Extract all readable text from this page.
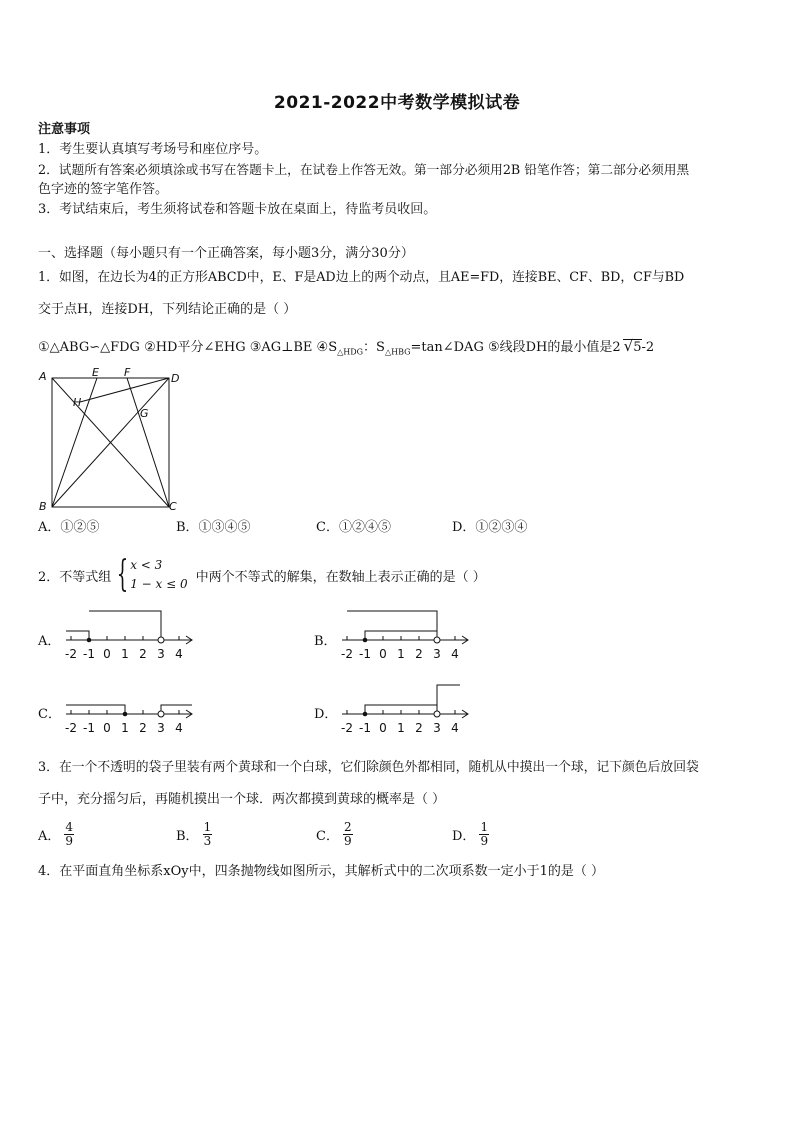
2021-2022中考数学模拟试卷
注意事项
1．考生要认真填写考场号和座位序号。
2．试题所有答案必须填涂或书写在答题卡上，在试卷上作答无效。第一部分必须用2B 铅笔作答；第二部分必须用黑
色字迹的签字笔作答。
3．考试结束后，考生须将试卷和答题卡放在桌面上，待监考员收回。
一、选择题（每小题只有一个正确答案，每小题3分，满分30分）
1．如图，在边长为4的正方形ABCD中，E、F是AD边上的两个动点，且AE=FD，连接BE、CF、BD，CF与BD
交于点H，连接DH，下列结论正确的是（ ）
①△ABG∽△FDG ②HD平分∠EHG ③AG⊥BE $④S_{\triangle HDG}$：$S_{\triangle HBG}=\tan\angle DAG$ ⑤线段DH的最小值是2 √5-2
A	E F	D
H
G
B	C
A．①②⑤	B．①③④⑤	C．①②④⑤	D．①②③④
2．不等式组 { x < 3
1 − x ≤ 0 中两个不等式的解集，在数轴上表示正确的是（ ）
A．	B．
C．	D．
-2 -1 0 1 2 3 4	-2 -1 0 1 2 3 4
-2 -1 0 1 2 3 4	-2 -1 0 1 2 3 4
3．在一个不透明的袋子里装有两个黄球和一个白球，它们除颜色外都相同，随机从中摸出一个球，记下颜色后放回袋
子中，充分摇匀后，再随机摸出一个球．两次都摸到黄球的概率是（ ）
A． $\frac{4}{9}$	B． $\frac{1}{3}$	C． $\frac{2}{9}$	D． $\frac{1}{9}$
4．在平面直角坐标系xOy中，四条抛物线如图所示，其解析式中的二次项系数一定小于1的是（ ）
